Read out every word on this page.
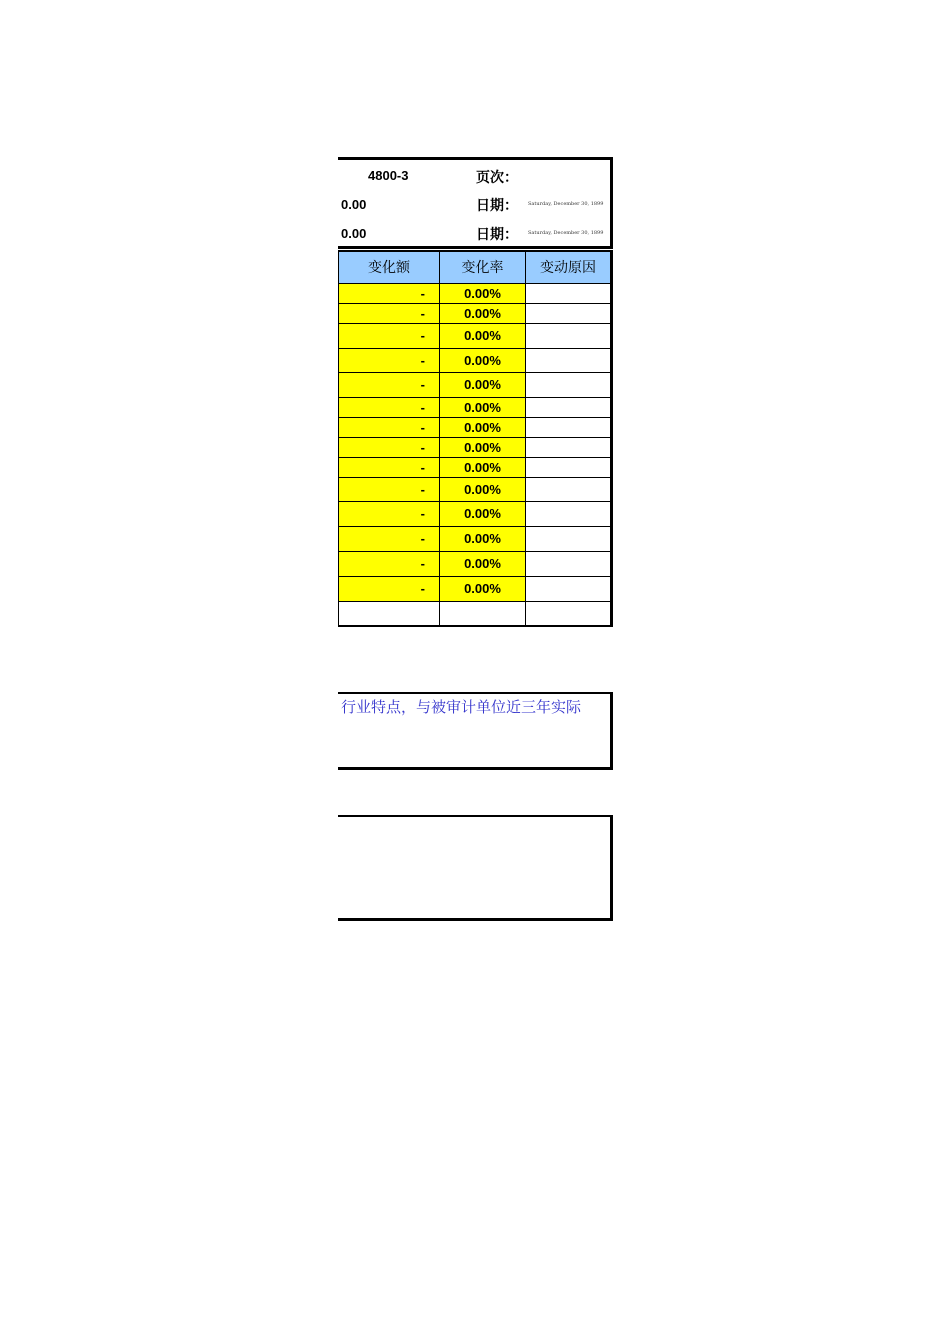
4800-3	页次：
0.00	日期： Saturday, December 30, 1899
0.00	日期： Saturday, December 30, 1899
变化额	变化率	变动原因
-	0.00%	
-	0.00%	
-	0.00%	
-	0.00%	
-	0.00%	
-	0.00%	
-	0.00%	
-	0.00%	
-	0.00%	
-	0.00%	
-	0.00%	
-	0.00%	
-	0.00%	
-	0.00%	

行业特点，与被审计单位近三年实际
